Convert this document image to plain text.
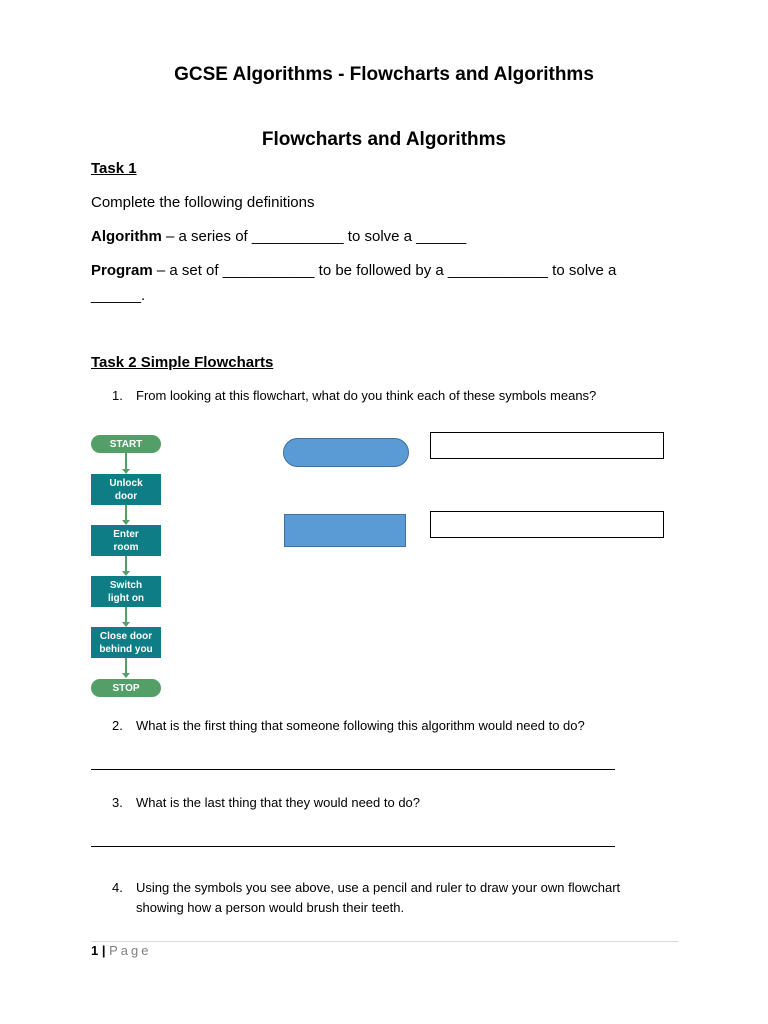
GCSE Algorithms - Flowcharts and Algorithms
Flowcharts and Algorithms
Task 1
Complete the following definitions
Algorithm – a series of ___________ to solve a ______
Program – a set of ___________ to be followed by a ____________ to solve a
______.
Task 2 Simple Flowcharts
1. From looking at this flowchart, what do you think each of these symbols means?
START
Unlock
door
Enter
room
Switch
light on
Close door
behind you
STOP
2. What is the first thing that someone following this algorithm would need to do?
3. What is the last thing that they would need to do?
4. Using the symbols you see above, use a pencil and ruler to draw your own flowchart
showing how a person would brush their teeth.
1 | Page
